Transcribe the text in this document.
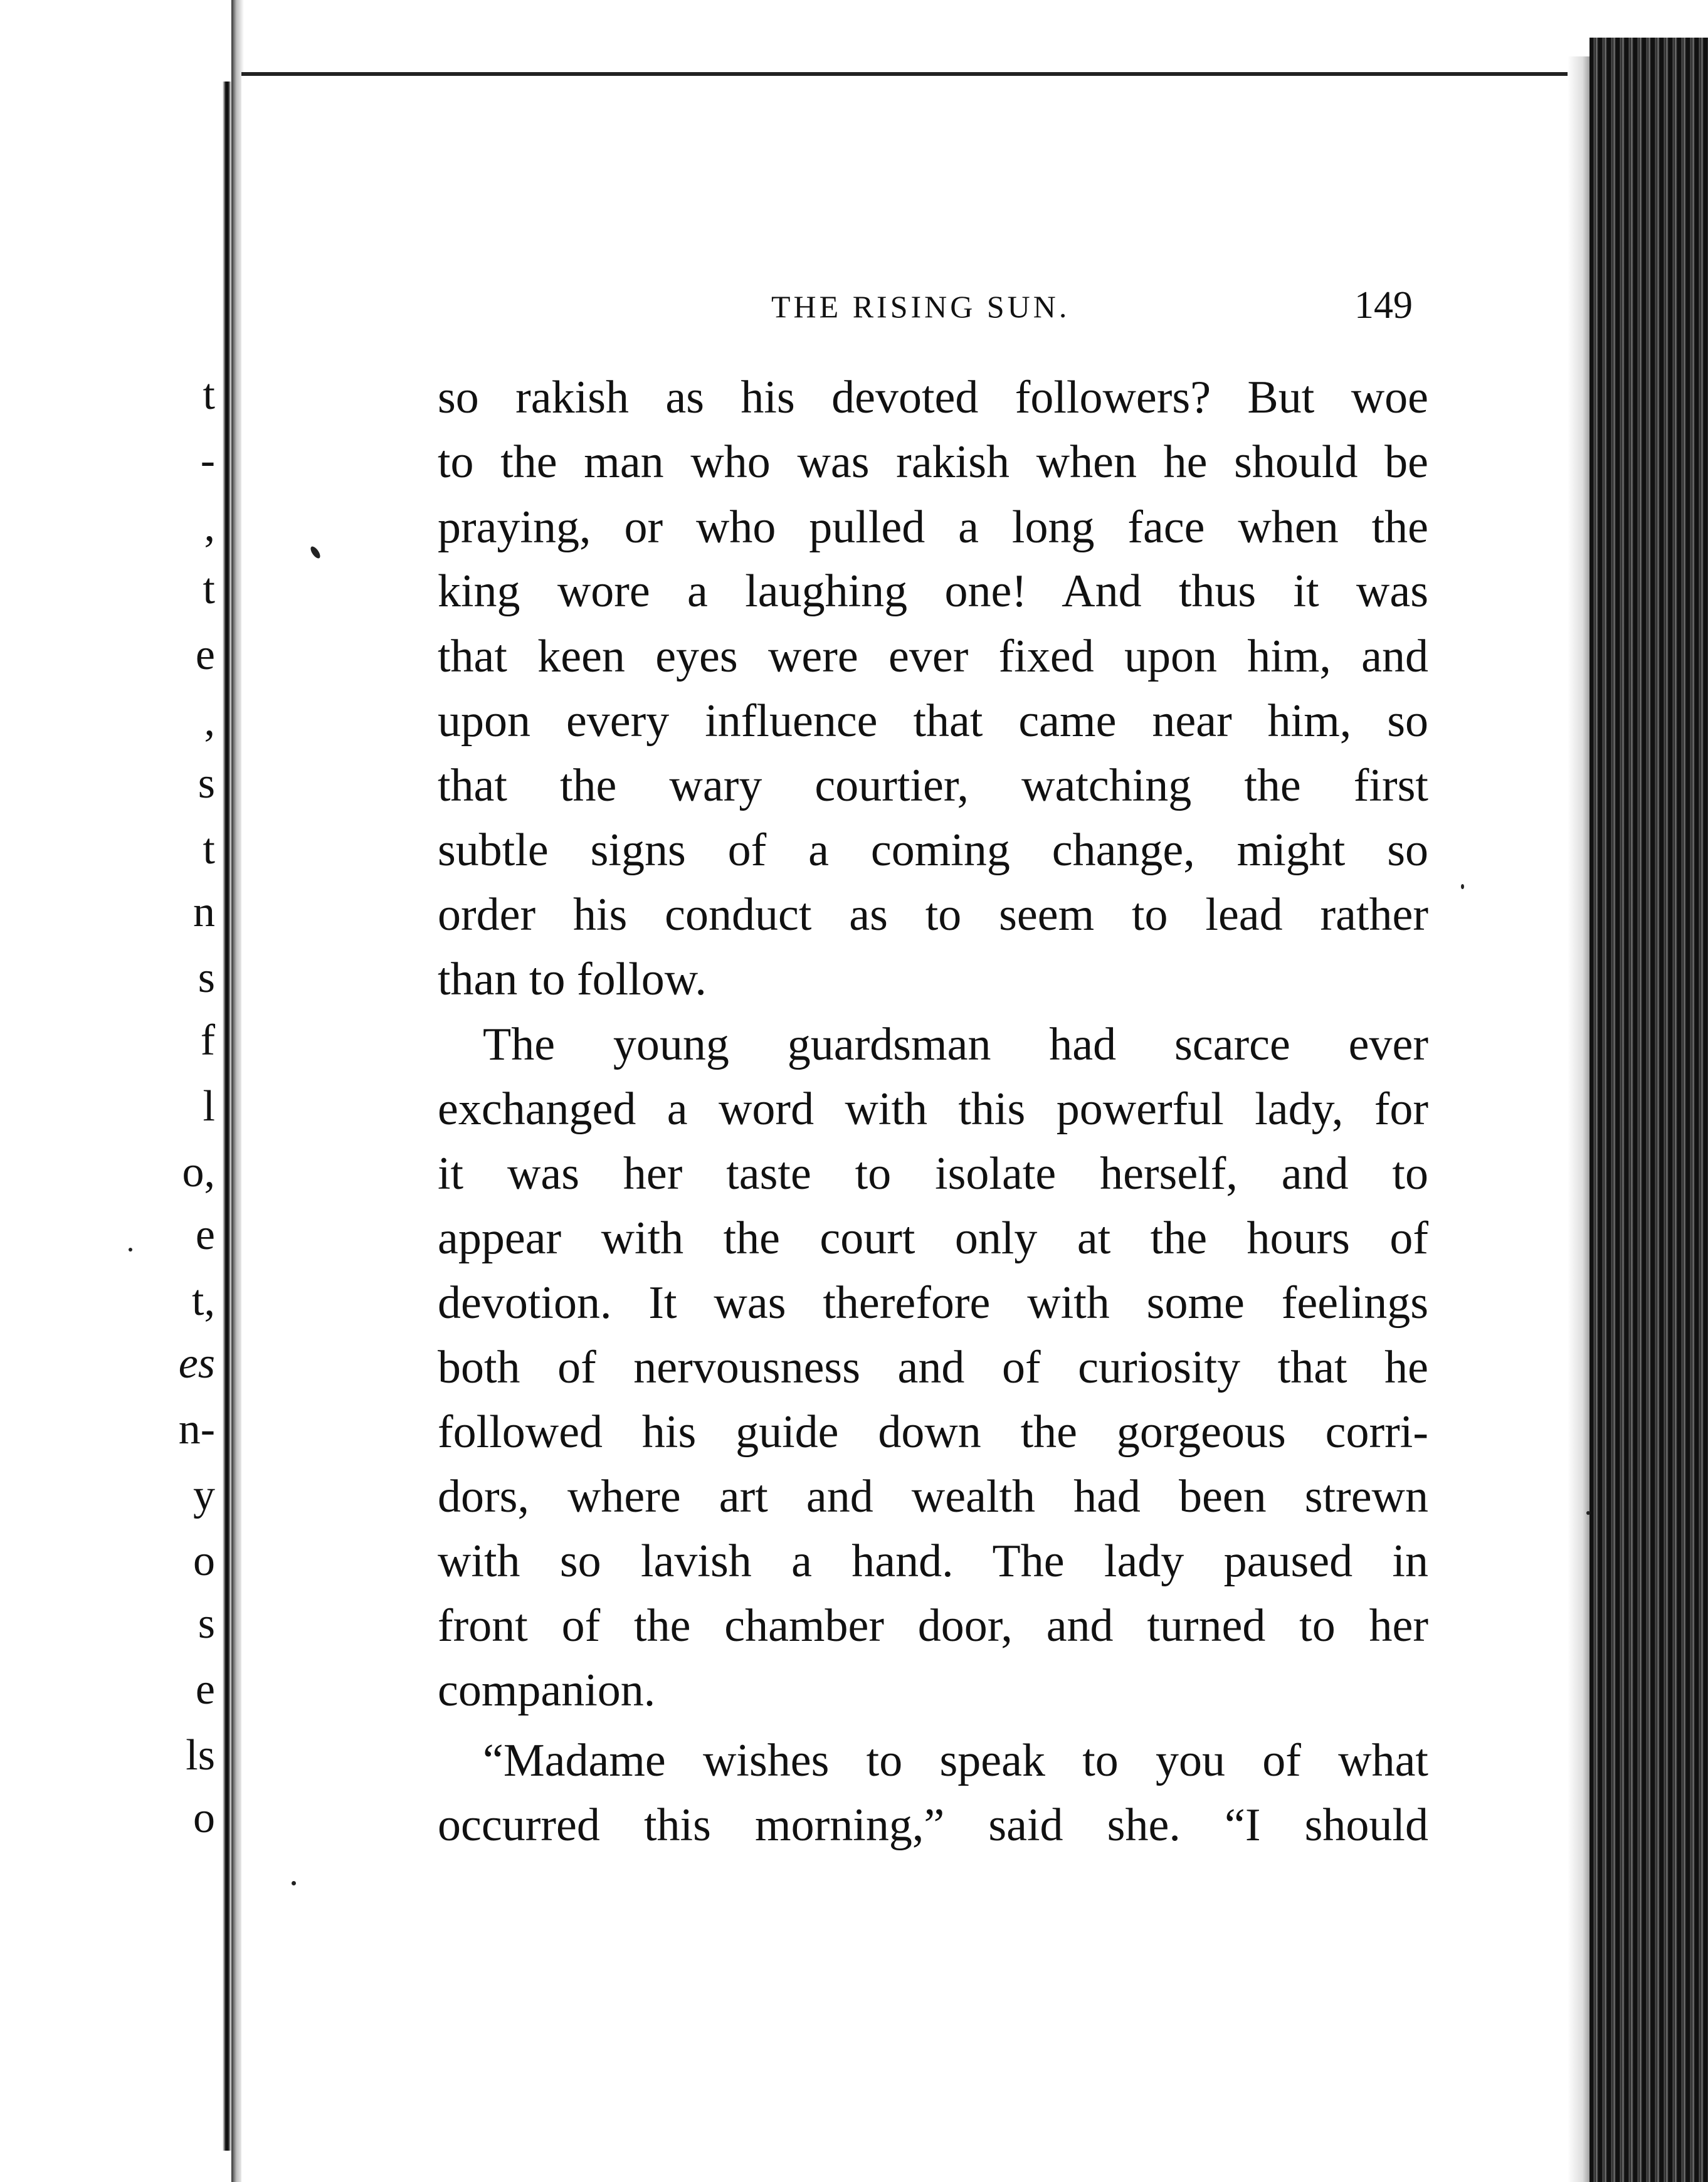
t
-
,
t
e
,
s
t
n
s
f
l
o,
e
t,
es
n-
y
o
s
e
ls
o
THE RISING SUN.	149
so rakish as his devoted followers? But woe
to the man who was rakish when he should be
praying, or who pulled a long face when the
king wore a laughing one! And thus it was
that keen eyes were ever fixed upon him, and
upon every influence that came near him, so
that the wary courtier, watching the first
subtle signs of a coming change, might so
order his conduct as to seem to lead rather
than to follow.
The young guardsman had scarce ever
exchanged a word with this powerful lady, for
it was her taste to isolate herself, and to
appear with the court only at the hours of
devotion. It was therefore with some feelings
both of nervousness and of curiosity that he
followed his guide down the gorgeous corri-
dors, where art and wealth had been strewn
with so lavish a hand. The lady paused in
front of the chamber door, and turned to her
companion.
“Madame wishes to speak to you of what
occurred this morning,” said she. “I should
